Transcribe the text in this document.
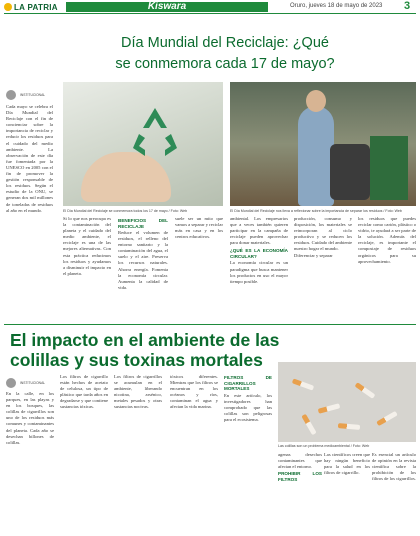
LA PATRIA	Kiswara	Oruro, jueves 18 de mayo de 2023 3
Día Mundial del Reciclaje: ¿Qué
se conmemora cada 17 de mayo?
INSTITUCIONAL
Cada mayo se celebra el Día Mundial del Reciclaje con el fin de concienciar sobre la importancia de reciclar y reducir los residuos para el cuidado del medio ambiente. La observación de este día fue fomentada por la UNESCO en 2005 con el fin de promover la gestión responsable de los residuos. Según el estudio de la ONU, se generan dos mil millones de toneladas de residuos al año en el mundo.	El Día Mundial del Reciclaje se conmemora todos los 17 de mayo / Foto: Web	El Día Mundial del Reciclaje nos lleva a reflexionar sobre la importancia de separar los residuos / Foto: Web
Si lo que nos preocupa es la contaminación del planeta y el cuidado del medio ambiente, el reciclaje es una de las mejores alternativas. Con esta práctica reducimos los residuos y ayudamos a disminuir el impacto en el planeta.
BENEFICIOS DEL RECICLAJE
Reduce el volumen de residuos, el relleno del entorno sanitario y la contaminación del agua, el suelo y el aire. Preserva los recursos naturales. Ahorra energía. Fomenta la economía circular. Aumenta la calidad de vida.
suele ser un mito que vamos a separar y reciclar más en casa y en los centros educativos.
ambiental. Los empresarios que a veces también quieren participar en la campaña de reciclaje pueden aprovechar para donar materiales.
¿QUÉ ES LA ECONOMÍA CIRCULAR?
La economía circular es un paradigma que busca mantener los productos en uso el mayor tiempo posible.
producción, consumo y disposición, los materiales se reincorporan al ciclo productivo y se reducen los residuos. Cuidado del ambiente nuestro hogar el mundo.
Diferenciar y separar
los residuos que puedes reciclar como cartón, plástico o vidrio, te ayudará a ser parte de la solución. Además del reciclaje, es importante el compostaje de residuos orgánicos para su aprovechamiento.
El impacto en el ambiente de las
colillas y sus toxinas mortales
INSTITUCIONAL
En la calle, en los parques, en las playas y en los bosques, las colillas de cigarrillos son uno de los residuos más comunes y contaminantes del planeta. Cada año se desechan billones de colillas.
Los filtros de cigarrillo están hechos de acetato de celulosa, un tipo de plástico que tarda años en degradarse y que contiene sustancias tóxicas.
Los filtros de cigarrillos se acumulan en el ambiente, liberando nicotina, arsénico, metales pesados y otras sustancias nocivas.
tóxicos diferentes. Mientras que los filtros se encuentran en los océanos y ríos, contaminan el agua y afectan la vida marina.
FILTROS DE CIGARRILLOS MORTALES
En este artículo, los investigadores han comprobado que las colillas son peligrosas para el ecosistema.
Las colillas son un problema medioambiental / Foto: Web
agenas desechos contaminantes que afectan el entorno.
PROHIBIR LOS FILTROS
Las científicos creen que hay ningún beneficio para la salud en los filtros de cigarrillo.
Es esencial un artículo de opinión en la revista científica sobre la prohibición de los filtros de los cigarrillos.
